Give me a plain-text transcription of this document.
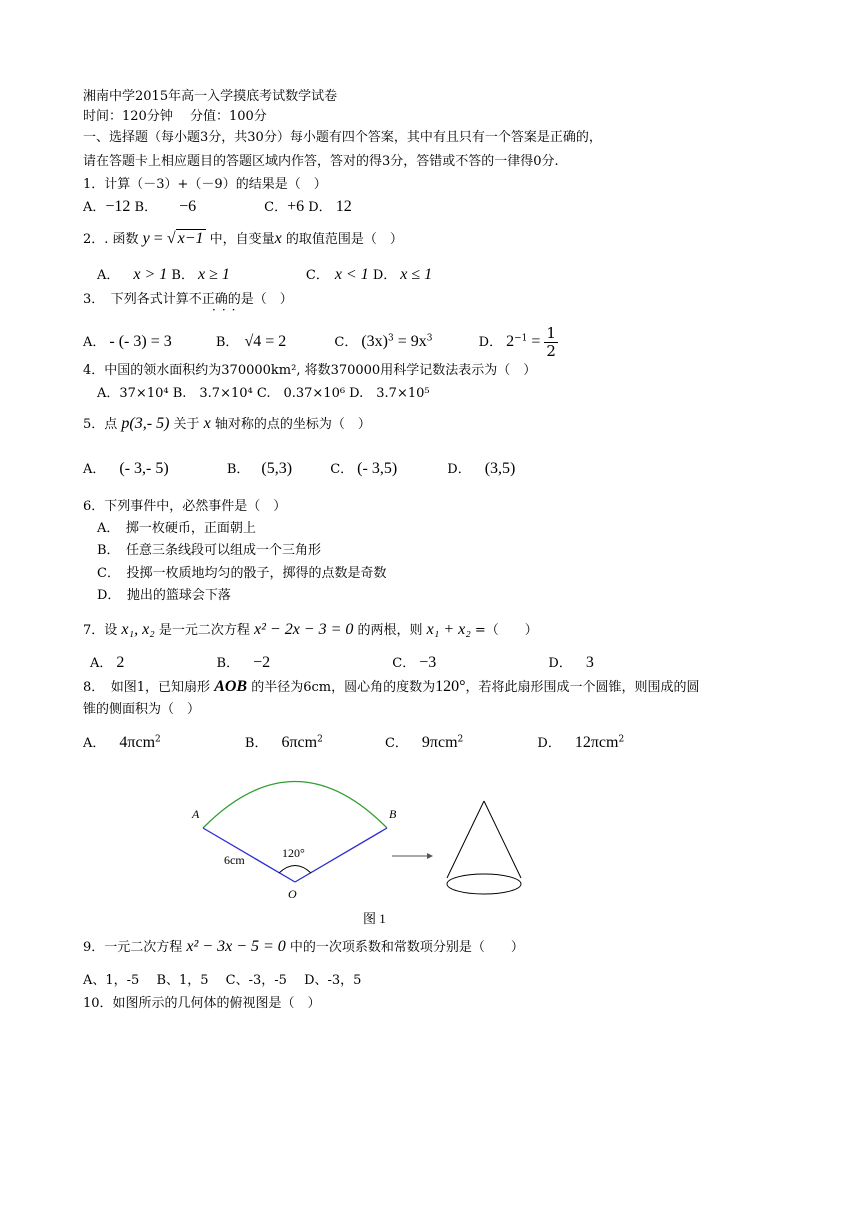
湘南中学2015年高一入学摸底考试数学试卷
时间：120分钟　 分值：100分
一、选择题（每小题3分，共30分）每小题有四个答案，其中有且只有一个答案是正确的，
请在答题卡上相应题目的答题区域内作答，答对的得3分，答错或不答的一律得0分.
1．计算（－3）+（－9）的结果是（　）
A．−12 B． −6	C．+6 D． 12
2．. 函数 y = √ x−1 中，自变量x 的取值范围是（　）
A． x > 1 B． x ≥ 1	C． x < 1 D． x ≤ 1
3．　下列各式计算不正确的是（　）
···
A． - (- 3) = 3	B． √4 = 2	C． $(3x)^3 = 9x^3$	D． $2^{-1} = \frac{1}{2}$
4．中国的领水面积约为370000km², 将数370000用科学记数法表示为（　）
A．37×10⁴ B.　3.7×10⁴ C.　0.37×10⁶ D.　3.7×10⁵
5．点 p(3,- 5) 关于 x 轴对称的点的坐标为（　）
A． (- 3,- 5)	B． (5,3)	C． (- 3,5)	D． (3,5)
6．下列事件中，必然事件是（　）
A．　掷一枚硬币，正面朝上
B．　任意三条线段可以组成一个三角形
C．　投掷一枚质地均匀的骰子，掷得的点数是奇数
D．　抛出的篮球会下落
7．设 x₁, x₂ 是一元二次方程 x² − 2x − 3 = 0 的两根，则 x₁ + x₂ =（　　）
A． 2	B． −2	C． −3	D． 3
8．　如图1，已知扇形 AOB 的半径为6cm，圆心角的度数为120°，若将此扇形围成一个圆锥，则围成的圆
锥的侧面积为（　）
A． 4πcm$^2$	B． 6πcm$^2$	C． 9πcm$^2$	D． 12πcm$^2$
A	B
O
6cm	120°
图 1
9．一元二次方程 x² − 3x − 5 = 0 中的一次项系数和常数项分别是（　　）
A、1，-5　 B、1，5　 C、-3，-5　 D、-3，5
10．如图所示的几何体的俯视图是（　）
